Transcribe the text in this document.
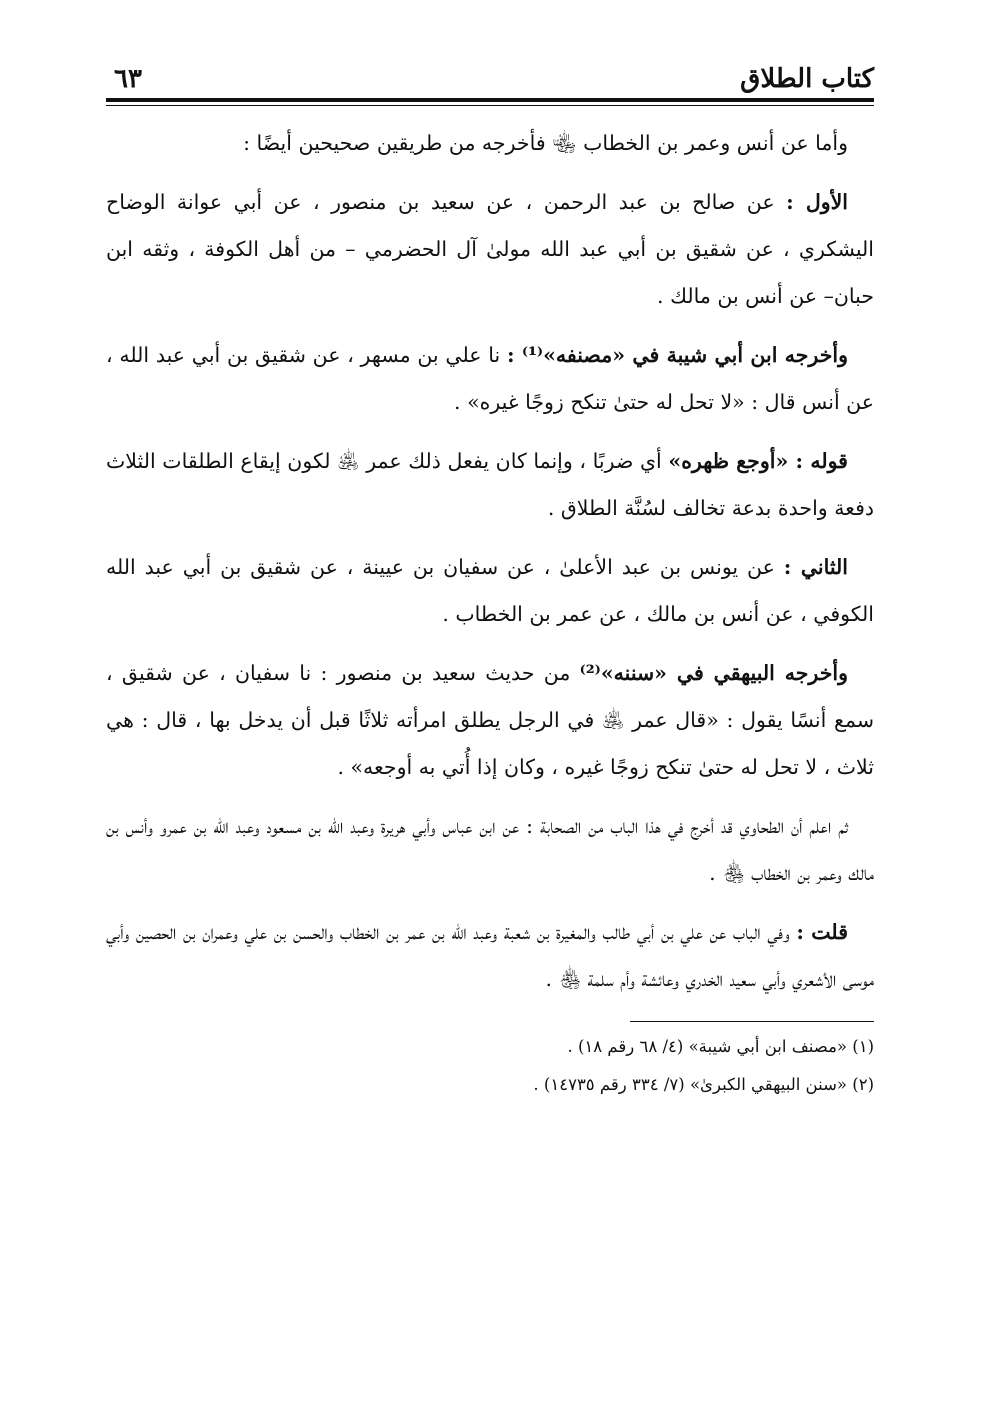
كتاب الطلاق
٦٣

وأما عن أنس وعمر بن الخطاب ﵄ فأخرجه من طريقين صحيحين أيضًا :

الأول : عن صالح بن عبد الرحمن ، عن سعيد بن منصور ، عن أبي عوانة الوضاح اليشكري ، عن شقيق بن أبي عبد الله مولىٰ آل الحضرمي – من أهل الكوفة ، وثقه ابن حبان– عن أنس بن مالك .

وأخرجه ابن أبي شيبة في «مصنفه»⁽¹⁾ : نا علي بن مسهر ، عن شقيق بن أبي عبد الله ، عن أنس قال : «لا تحل له حتىٰ تنكح زوجًا غيره» .

قوله : «أوجع ظهره» أي ضربًا ، وإنما كان يفعل ذلك عمر ﵁ لكون إيقاع الطلقات الثلاث دفعة واحدة بدعة تخالف لسُنَّة الطلاق .

الثاني : عن يونس بن عبد الأعلىٰ ، عن سفيان بن عيينة ، عن شقيق بن أبي عبد الله الكوفي ، عن أنس بن مالك ، عن عمر بن الخطاب .

وأخرجه البيهقي في «سننه»⁽²⁾ من حديث سعيد بن منصور : نا سفيان ، عن شقيق ، سمع أنسًا يقول : «قال عمر ﵁ في الرجل يطلق امرأته ثلاثًا قبل أن يدخل بها ، قال : هي ثلاث ، لا تحل له حتىٰ تنكح زوجًا غيره ، وكان إذا أُتي به أوجعه» .

ثم اعلم أن الطحاوي قد أخرج في هذا الباب من الصحابة : عن ابن عباس وأبي هريرة وعبد الله بن مسعود وعبد الله بن عمرو وأنس بن مالك وعمر بن الخطاب ﵃ .

قلت : وفي الباب عن علي بن أبي طالب والمغيرة بن شعبة وعبد الله بن عمر بن الخطاب والحسن بن علي وعمران بن الحصين وأبي موسى الأشعري وأبي سعيد الخدري وعائشة وأم سلمة ﵃ .

(١) «مصنف ابن أبي شيبة» (٤/ ٦٨ رقم ١٨) .
(٢) «سنن البيهقي الكبرىٰ» (٧/ ٣٣٤ رقم ١٤٧٣٥) .
